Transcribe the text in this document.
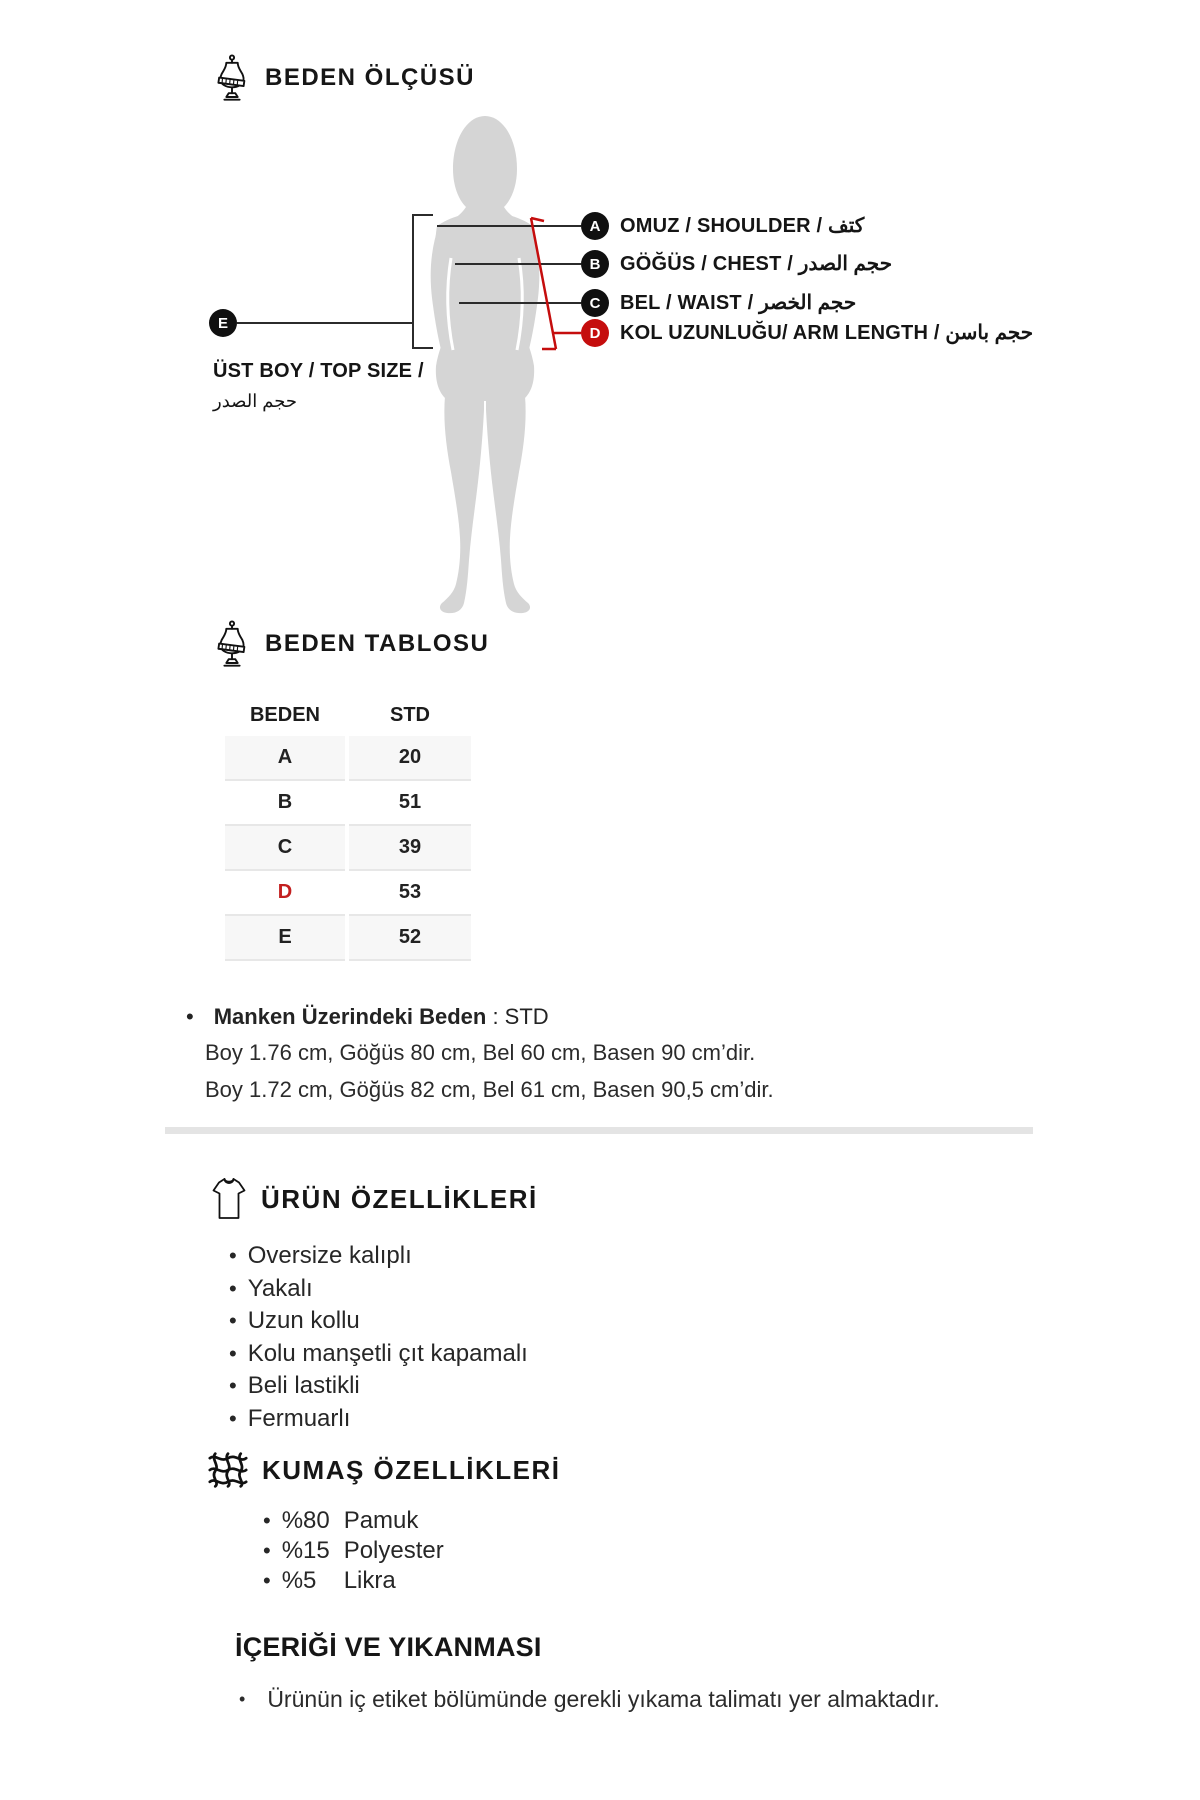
BEDEN ÖLÇÜSÜ
A
B
C
D
E
OMUZ / SHOULDER / كتف
GÖĞÜS / CHEST / حجم الصدر
BEL / WAIST / حجم الخصر
KOL UZUNLUĞU/ ARM LENGTH / حجم باسن
ÜST BOY / TOP SIZE /
حجم الصدر
BEDEN TABLOSU
BEDEN	STD
A	20
B	51
C	39
D	53
E	52
• Manken Üzerindeki Beden : STD
Boy 1.76 cm, Göğüs 80 cm, Bel 60 cm, Basen 90 cm’dir.
Boy 1.72 cm, Göğüs 82 cm, Bel 61 cm, Basen 90,5 cm’dir.
ÜRÜN ÖZELLİKLERİ
• Oversize kalıplı
• Yakalı
• Uzun kollu
• Kolu manşetli çıt kapamalı
• Beli lastikli
• Fermuarlı
KUMAŞ ÖZELLİKLERİ
• %80 Pamuk
• %15 Polyester
• %5	Likra
İÇERİĞİ VE YIKANMASI
• Ürünün iç etiket bölümünde gerekli yıkama talimatı yer almaktadır.
